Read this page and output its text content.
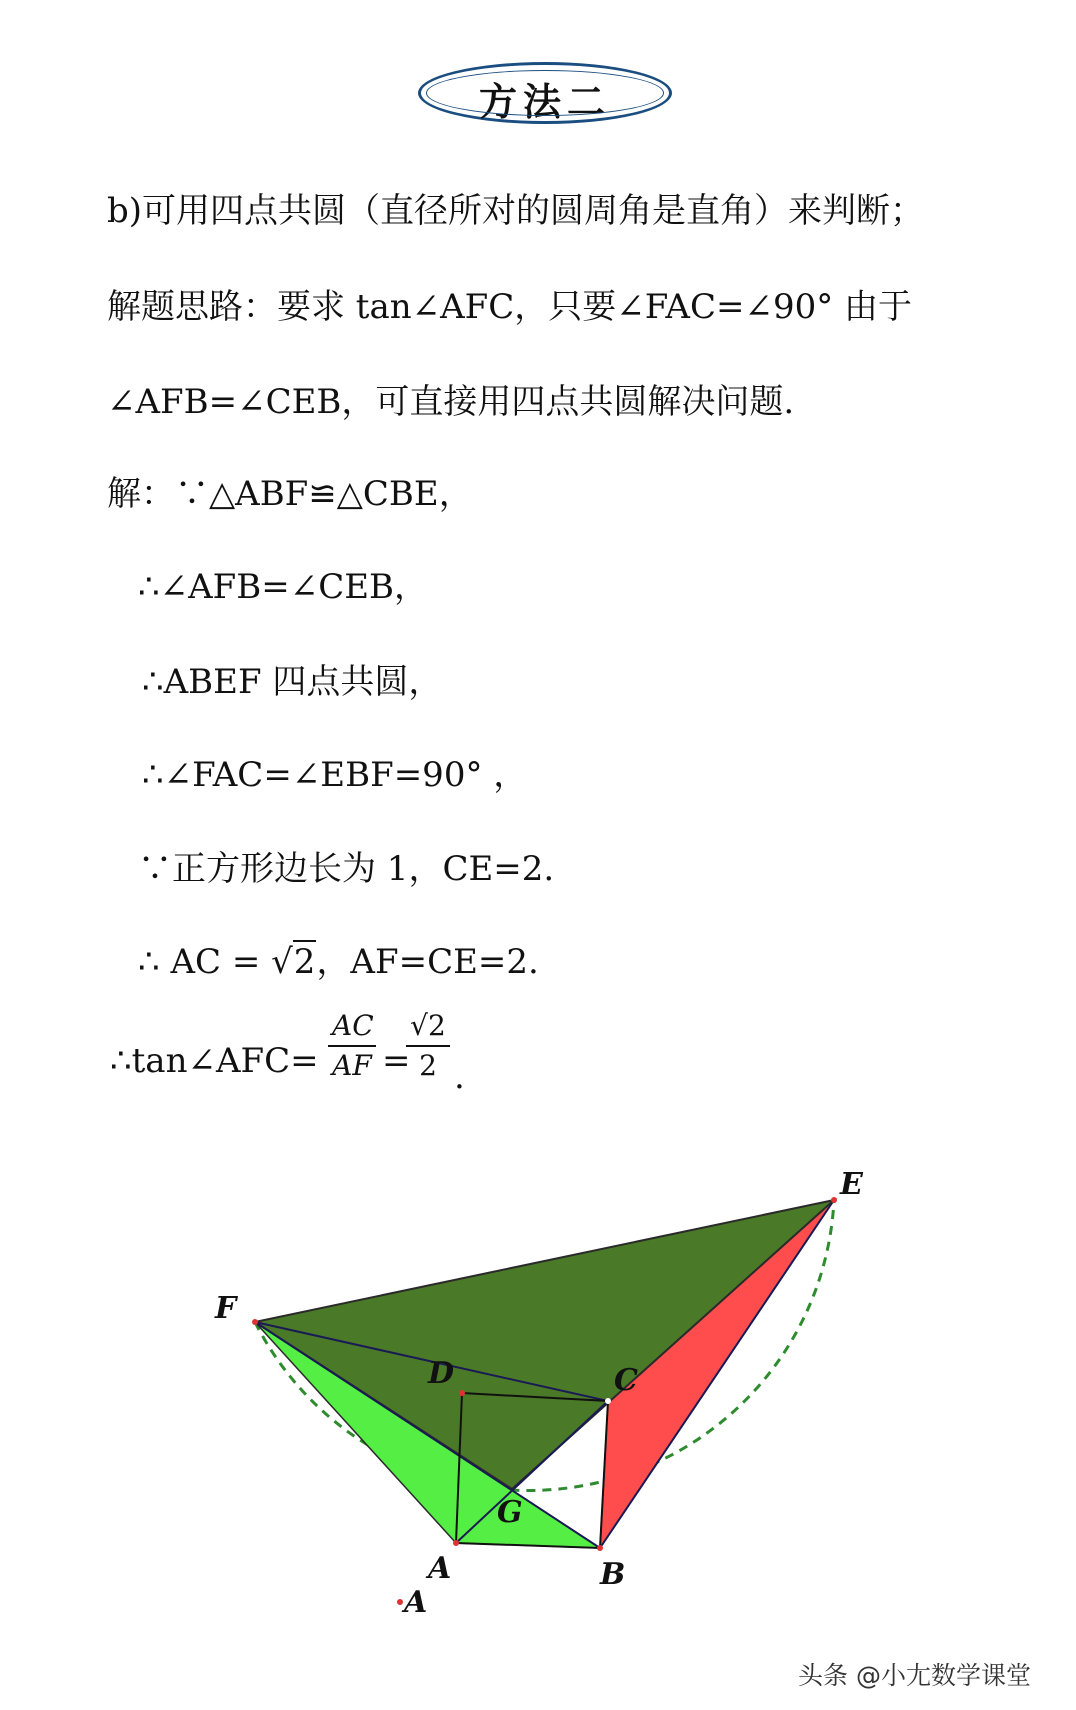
方法二
b)可用四点共圆（直径所对的圆周角是直角）来判断；
解题思路：要求 tan∠AFC，只要∠FAC=∠90° 由于
∠AFB=∠CEB，可直接用四点共圆解决问题.
解：∵△ABF≌△CBE，
∴∠AFB=∠CEB，
∴ABEF 四点共圆，
∴∠FAC=∠EBF=90° ，
∵正方形边长为 1，CE=2.
∴ AC = √2，AF=CE=2.
∴tan∠AFC=
AC
AF =
√2
2 .
E
F
D	C
G
A	B
A
头条 @小尢数学课堂
